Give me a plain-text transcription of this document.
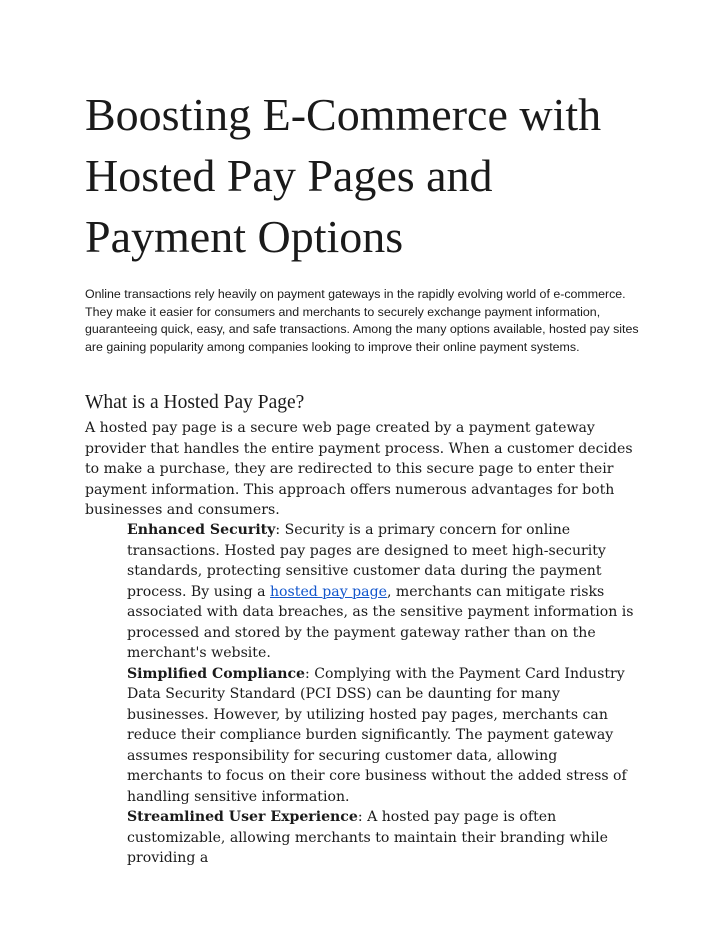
Boosting E-Commerce with Hosted Pay Pages and Payment Options

Online transactions rely heavily on payment gateways in the rapidly evolving world of e-commerce. They make it easier for consumers and merchants to securely exchange payment information, guaranteeing quick, easy, and safe transactions. Among the many options available, hosted pay sites are gaining popularity among companies looking to improve their online payment systems.

What is a Hosted Pay Page?

A hosted pay page is a secure web page created by a payment gateway provider that handles the entire payment process. When a customer decides to make a purchase, they are redirected to this secure page to enter their payment information. This approach offers numerous advantages for both businesses and consumers.

Enhanced Security: Security is a primary concern for online transactions. Hosted pay pages are designed to meet high-security standards, protecting sensitive customer data during the payment process. By using a hosted pay page, merchants can mitigate risks associated with data breaches, as the sensitive payment information is processed and stored by the payment gateway rather than on the merchant's website.
Simplified Compliance: Complying with the Payment Card Industry Data Security Standard (PCI DSS) can be daunting for many businesses. However, by utilizing hosted pay pages, merchants can reduce their compliance burden significantly. The payment gateway assumes responsibility for securing customer data, allowing merchants to focus on their core business without the added stress of handling sensitive information.
Streamlined User Experience: A hosted pay page is often customizable, allowing merchants to maintain their branding while providing a
